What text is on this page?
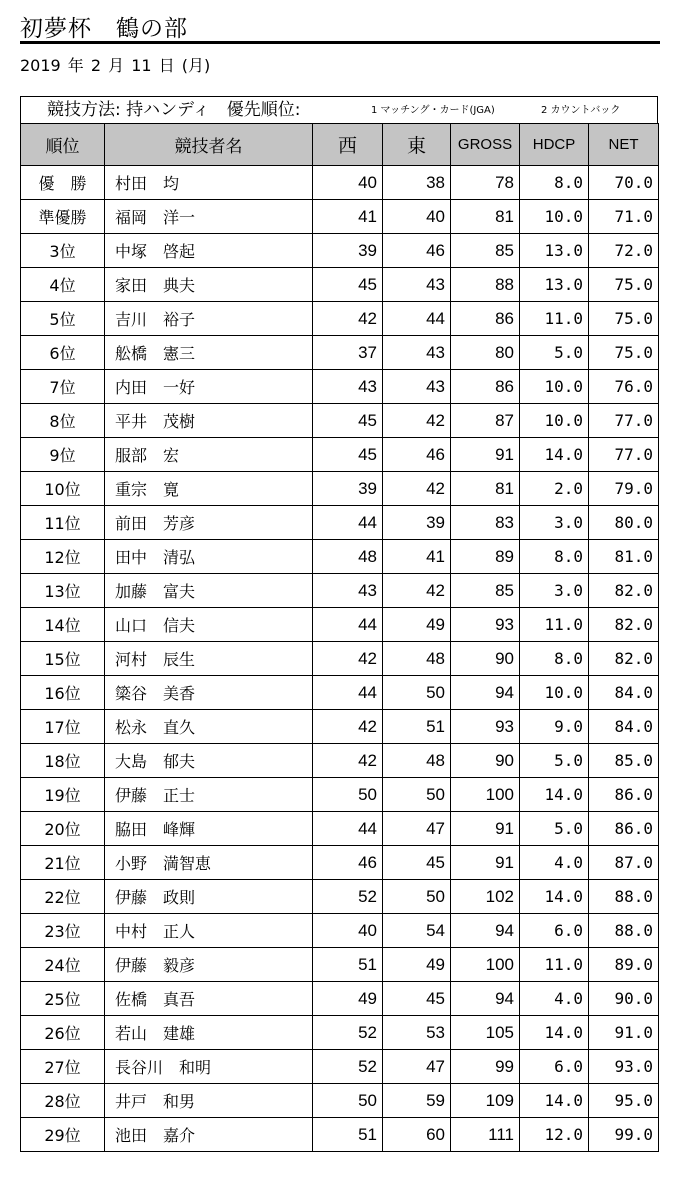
初夢杯　鶴の部
2019 年 2 月 11 日 (月)
競技方法: 持ハンディ　優先順位:	1 マッチング・カード(JGA)	2 カウントバック
順位	競技者名	西	東	GROSS	HDCP	NET
優　勝	村田　均	40	38	78	8.0	70.0
準優勝	福岡　洋一	41	40	81	10.0	71.0
3位	中塚　啓起	39	46	85	13.0	72.0
4位	家田　典夫	45	43	88	13.0	75.0
5位	吉川　裕子	42	44	86	11.0	75.0
6位	舩橋　憲三	37	43	80	5.0	75.0
7位	内田　一好	43	43	86	10.0	76.0
8位	平井　茂樹	45	42	87	10.0	77.0
9位	服部　宏	45	46	91	14.0	77.0
10位	重宗　寛	39	42	81	2.0	79.0
11位	前田　芳彦	44	39	83	3.0	80.0
12位	田中　清弘	48	41	89	8.0	81.0
13位	加藤　富夫	43	42	85	3.0	82.0
14位	山口　信夫	44	49	93	11.0	82.0
15位	河村　辰生	42	48	90	8.0	82.0
16位	簗谷　美香	44	50	94	10.0	84.0
17位	松永　直久	42	51	93	9.0	84.0
18位	大島　郁夫	42	48	90	5.0	85.0
19位	伊藤　正士	50	50	100	14.0	86.0
20位	脇田　峰輝	44	47	91	5.0	86.0
21位	小野　満智恵	46	45	91	4.0	87.0
22位	伊藤　政則	52	50	102	14.0	88.0
23位	中村　正人	40	54	94	6.0	88.0
24位	伊藤　毅彦	51	49	100	11.0	89.0
25位	佐橋　真吾	49	45	94	4.0	90.0
26位	若山　建雄	52	53	105	14.0	91.0
27位	長谷川　和明	52	47	99	6.0	93.0
28位	井戸　和男	50	59	109	14.0	95.0
29位	池田　嘉介	51	60	111	12.0	99.0
